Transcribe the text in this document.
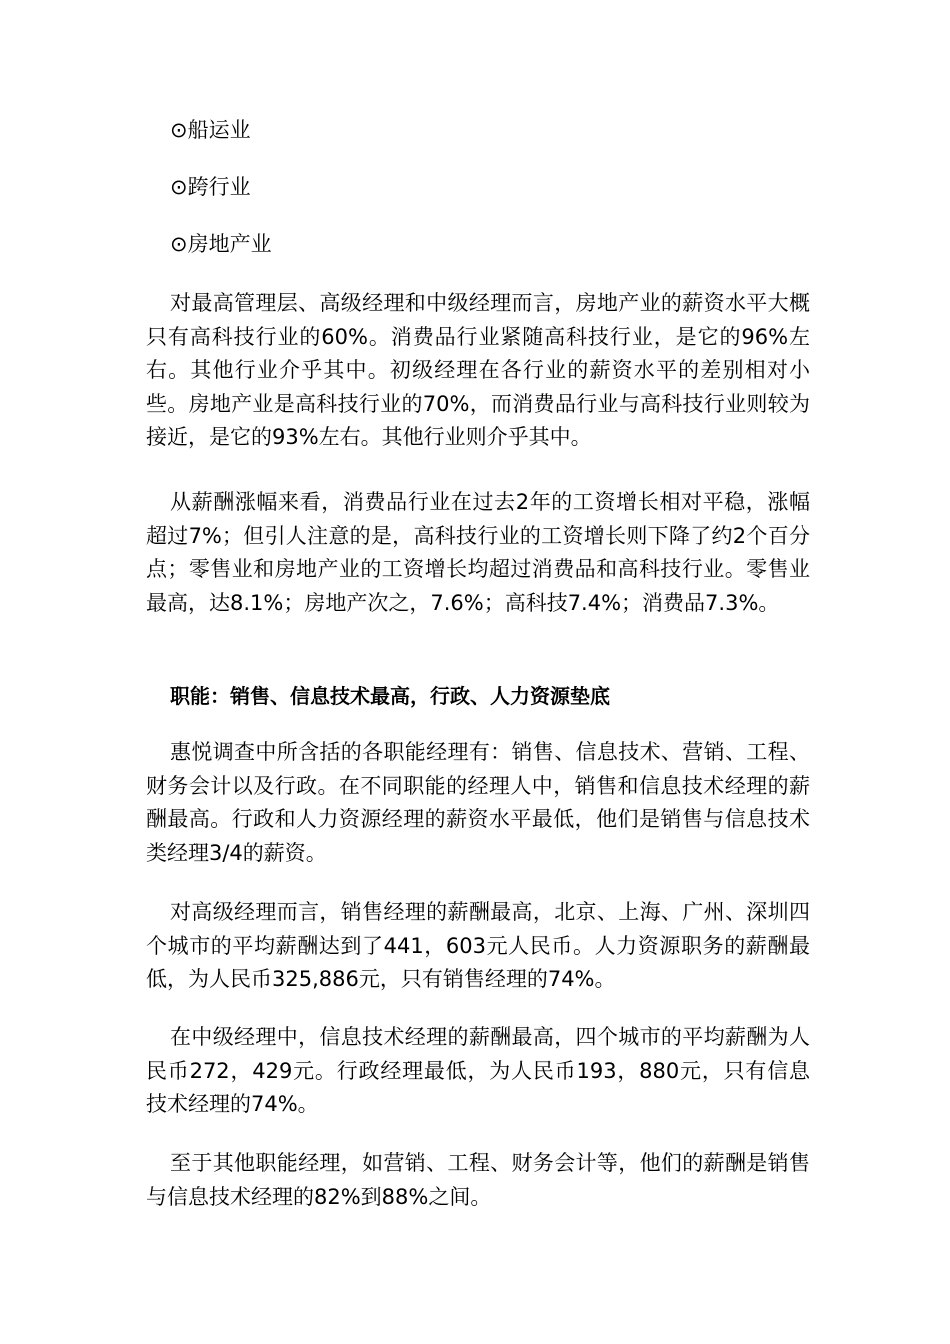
⊙船运业
⊙跨行业
⊙房地产业

对最高管理层、高级经理和中级经理而言，房地产业的薪资水平大概只有高科技行业的60%。消费品行业紧随高科技行业，是它的96%左右。其他行业介乎其中。初级经理在各行业的薪资水平的差别相对小些。房地产业是高科技行业的70%，而消费品行业与高科技行业则较为接近，是它的93%左右。其他行业则介乎其中。

从薪酬涨幅来看，消费品行业在过去2年的工资增长相对平稳，涨幅超过7%；但引人注意的是，高科技行业的工资增长则下降了约2个百分点；零售业和房地产业的工资增长均超过消费品和高科技行业。零售业最高，达8.1%；房地产次之，7.6%；高科技7.4%；消费品7.3%。

职能：销售、信息技术最高，行政、人力资源垫底

惠悦调查中所含括的各职能经理有：销售、信息技术、营销、工程、财务会计以及行政。在不同职能的经理人中，销售和信息技术经理的薪酬最高。行政和人力资源经理的薪资水平最低，他们是销售与信息技术类经理3/4的薪资。

对高级经理而言，销售经理的薪酬最高，北京、上海、广州、深圳四个城市的平均薪酬达到了441，603元人民币。人力资源职务的薪酬最低，为人民币325,886元，只有销售经理的74%。

在中级经理中，信息技术经理的薪酬最高，四个城市的平均薪酬为人民币272，429元。行政经理最低，为人民币193，880元，只有信息技术经理的74%。

至于其他职能经理，如营销、工程、财务会计等，他们的薪酬是销售与信息技术经理的82%到88%之间。
